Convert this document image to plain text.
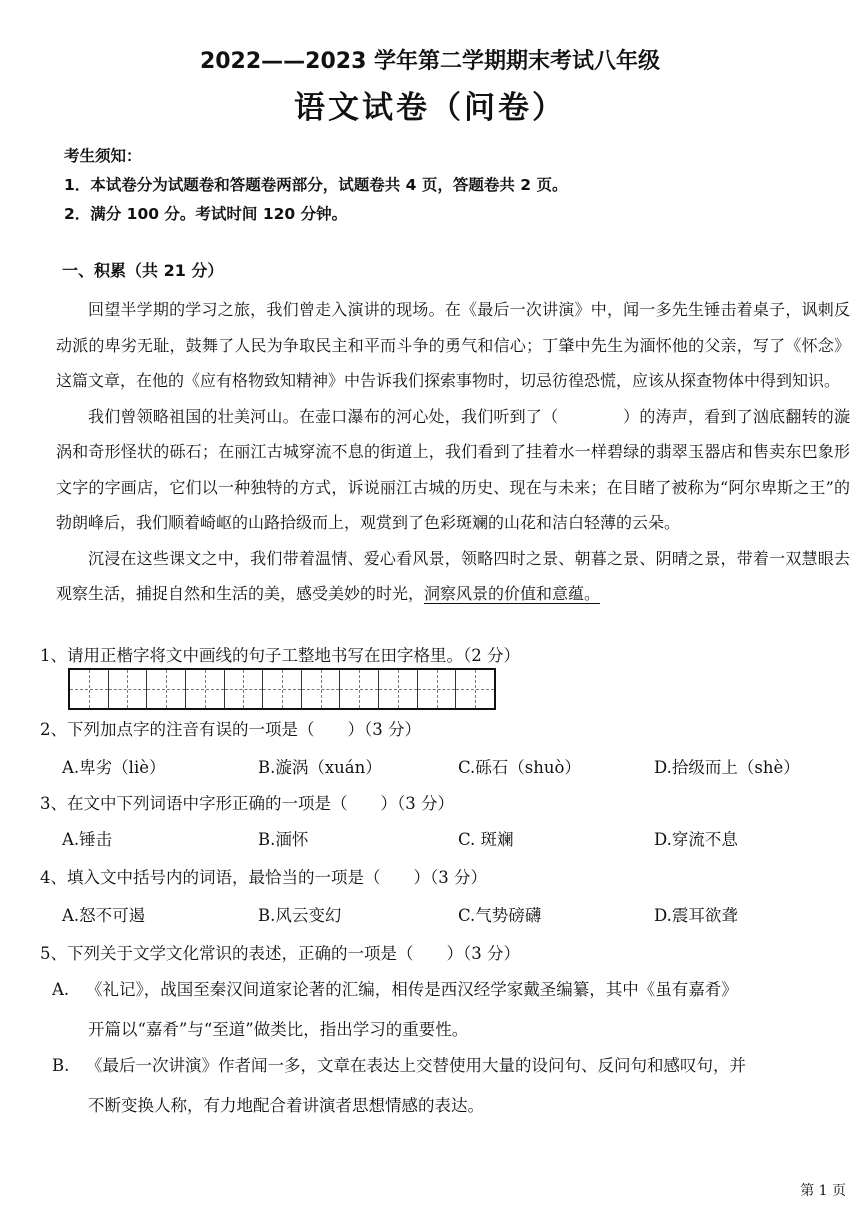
2022——2023 学年第二学期期末考试八年级
语文试卷（问卷）
考生须知：
1．本试卷分为试题卷和答题卷两部分，试题卷共 4 页，答题卷共 2 页。
2．满分 100 分。考试时间 120 分钟。
一、积累（共 21 分）

回望半学期的学习之旅，我们曾走入演讲的现场。在《最后一次讲演》中，闻一多先生锤击着桌子，讽刺反动派的卑劣无耻，鼓舞了人民为争取民主和平而斗争的勇气和信心；丁肇中先生为湎怀他的父亲，写了《怀念》这篇文章，在他的《应有格物致知精神》中告诉我们探索事物时，切忌彷徨恐慌，应该从探查物体中得到知识。

我们曾领略祖国的壮美河山。在壶口瀑布的河心处，我们听到了（　　　　）的涛声，看到了汹底翻转的漩涡和奇形怪状的砾石；在丽江古城穿流不息的街道上，我们看到了挂着水一样碧绿的翡翠玉器店和售卖东巴象形文字的字画店，它们以一种独特的方式，诉说丽江古城的历史、现在与未来；在目睹了被称为“阿尔卑斯之王”的勃朗峰后，我们顺着崎岖的山路拾级而上，观赏到了色彩斑斓的山花和洁白轻薄的云朵。

沉浸在这些课文之中，我们带着温情、爱心看风景，领略四时之景、朝暮之景、阴晴之景，带着一双慧眼去观察生活，捕捉自然和生活的美，感受美妙的时光，洞察风景的价值和意蕴。

1、请用正楷字将文中画线的句子工整地书写在田字格里。（2 分）
2、下列加点字的注音有误的一项是（　　）（3 分）
A.卑劣（liè）	B.漩涡（xuán）	C.砾石（shuò）	D.拾级而上（shè）
3、在文中下列词语中字形正确的一项是（　　）（3 分）
A.锤击	B.湎怀	C. 斑斓	D.穿流不息
4、填入文中括号内的词语，最恰当的一项是（　　）（3 分）
A.怒不可遏	B.风云变幻	C.气势磅礴	D.震耳欲聋
5、下列关于文学文化常识的表述，正确的一项是（　　）（3 分）
A. 《礼记》，战国至秦汉间道家论著的汇编，相传是西汉经学家戴圣编纂，其中《虽有嘉肴》
开篇以“嘉肴”与“至道”做类比，指出学习的重要性。
B. 《最后一次讲演》作者闻一多，文章在表达上交替使用大量的设问句、反问句和感叹句，并
不断变换人称，有力地配合着讲演者思想情感的表达。
第 1 页
